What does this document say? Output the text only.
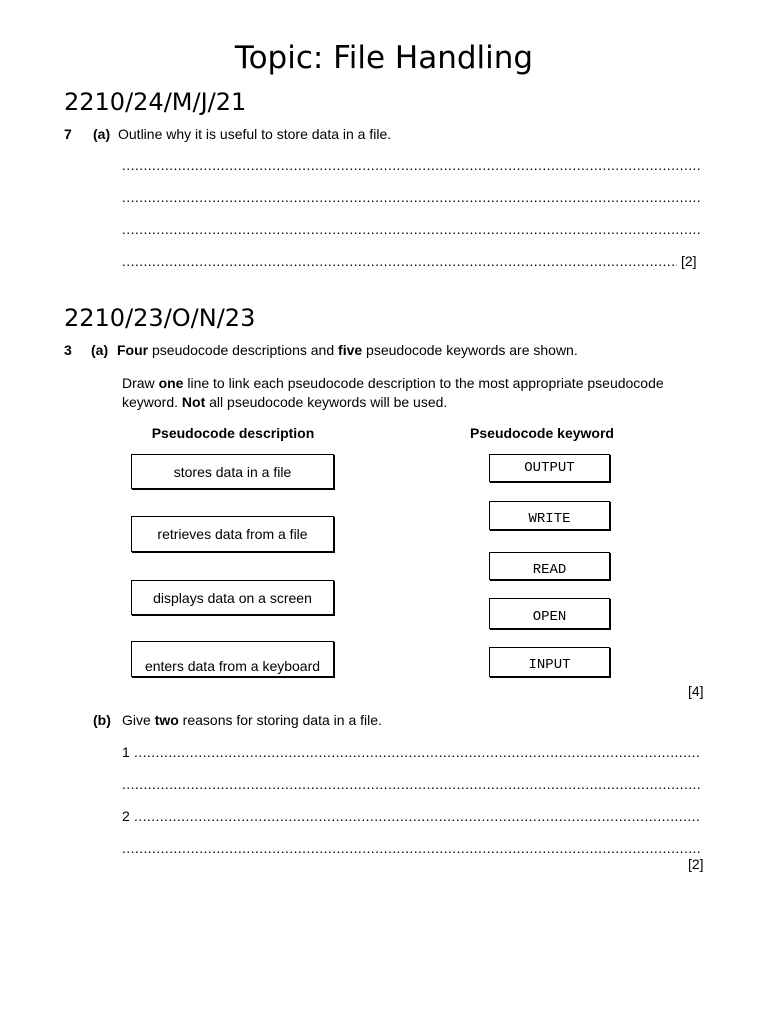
Topic: File Handling
2210/24/M/J/21
7 (a) Outline why it is useful to store data in a file.
.....
.....
.....
.....
[2]
2210/23/O/N/23
3 (a) Four pseudocode descriptions and five pseudocode keywords are shown.
Draw one line to link each pseudocode description to the most appropriate pseudocode
keyword. Not all pseudocode keywords will be used.
Pseudocode description	Pseudocode keyword
stores data in a file
retrieves data from a file
displays data on a screen
enters data from a keyboard
OUTPUT
WRITE
READ
OPEN
INPUT
[4]
(b) Give two reasons for storing data in a file.
1
.....
.....
2
.....
.....
[2]
